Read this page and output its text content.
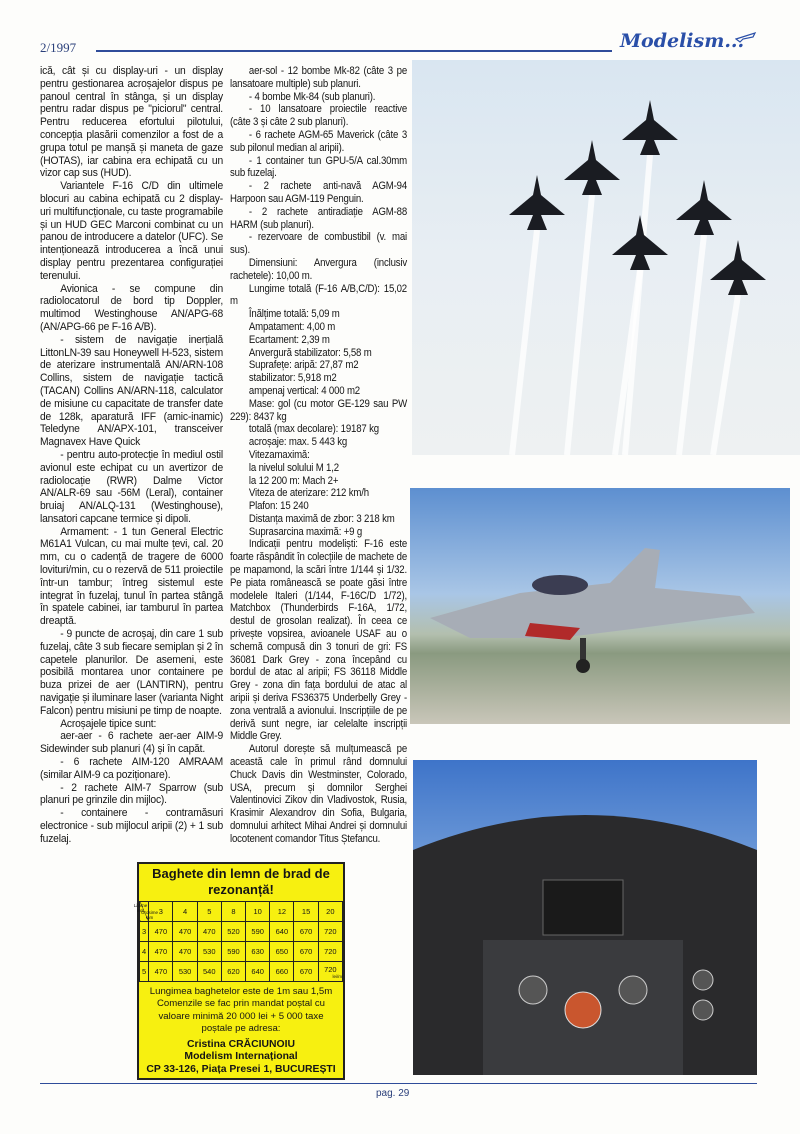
2/1997	Modelism...

ică, cât și cu display-uri - un display pentru gestionarea acroșajelor dispus pe panoul central în stânga, și un display pentru radar dispus pe "piciorul" central. Pentru reducerea efortului pilotului, concepția plasării comenzilor a fost de a grupa totul pe manșă și maneta de gaze (HOTAS), iar cabina era echipată cu un vizor cap sus (HUD).

Variantele F-16 C/D din ultimele blocuri au cabina echipată cu 2 display-uri multifuncționale, cu taste programabile și un HUD GEC Marconi combinat cu un panou de introducere a datelor (UFC). Se intenționează introducerea a încă unui display pentru prezentarea configurației terenului.

Avionica - se compune din radiolocatorul de bord tip Doppler, multimod Westinghouse AN/APG-68 (AN/APG-66 pe F-16 A/B).

- sistem de navigație inerțială LittonLN-39 sau Honeywell H-523, sistem de aterizare instrumentală AN/ARN-108 Collins, sistem de navigație tactică (TACAN) Collins AN/ARN-118, calculator de misiune cu capacitate de transfer date de 128k, aparatură IFF (amic-inamic) Teledyne AN/APX-101, transceiver Magnavex Have Quick

- pentru auto-protecție în mediul ostil avionul este echipat cu un avertizor de radiolocație (RWR) Dalme Victor AN/ALR-69 sau -56M (Leral), container bruiaj AN/ALQ-131 (Westinghouse), lansatori capcane termice și dipoli.

Armament: - 1 tun General Electric M61A1 Vulcan, cu mai multe țevi, cal. 20 mm, cu o cadență de tragere de 6000 lovituri/min, cu o rezervă de 511 proiectile într-un tambur; întreg sistemul este integrat în fuzelaj, tunul în partea stângă în spatele cabinei, iar tamburul în partea dreaptă.

- 9 puncte de acroșaj, din care 1 sub fuzelaj, câte 3 sub fiecare semiplan și 2 în capetele planurilor. De asemeni, este posibilă montarea unor containere pe buza prizei de aer (LANTIRN), pentru navigație și iluminare laser (varianta Night Falcon) pentru misiuni pe timp de noapte.

Acroșajele tipice sunt:

aer-aer - 6 rachete aer-aer AIM-9 Sidewinder sub planuri (4) și în capăt.

- 6 rachete AIM-120 AMRAAM (similar AIM-9 ca poziționare).

- 2 rachete AIM-7 Sparrow (sub planuri pe grinzile din mijloc).

- containere - contramăsuri electronice - sub mijlocul aripii (2) + 1 sub fuzelaj.

aer-sol - 12 bombe Mk-82 (câte 3 pe lansatoare multiple) sub planuri.

- 4 bombe Mk-84 (sub planuri).

- 10 lansatoare proiectile reactive (câte 3 și câte 2 sub planuri).

- 6 rachete AGM-65 Maverick (câte 3 sub pilonul median al aripii).

- 1 container tun GPU-5/A cal.30mm sub fuzelaj.

- 2 rachete anti-navă AGM-94 Harpoon sau AGM-119 Penguin.

- 2 rachete antiradiație AGM-88 HARM (sub planuri).

- rezervoare de combustibil (v. mai sus).

Dimensiuni: Anvergura (inclusiv rachetele): 10,00 m.

Lungime totală (F-16 A/B,C/D): 15,02 m

Înălțime totală: 5,09 m

Ampatament: 4,00 m

Ecartament: 2,39 m

Anvergură stabilizator: 5,58 m

Suprafețe: aripă: 27,87 m2

stabilizator: 5,918 m2

ampenaj vertical: 4 000 m2

Mase: gol (cu motor GE-129 sau PW 229): 8437 kg

totală (max decolare): 19187 kg

acroșaje: max. 5 443 kg

Vitezamaximă:

la nivelul solului M 1,2

la 12 200 m: Mach 2+

Viteza de aterizare: 212 km/h

Plafon: 15 240

Distanța maximă de zbor: 3 218 km

Suprasarcina maximă: +9 g

Indicații pentru modeliști: F-16 este foarte răspândit în colecțiile de machete de pe mapamond, la scări între 1/144 și 1/32. Pe piata românească se poate găsi între modelele Italeri (1/144, F-16C/D 1/72), Matchbox (Thunderbirds F-16A, 1/72, destul de grosolan realizat). În ceea ce privește vopsirea, avioanele USAF au o schemă compusă din 3 tonuri de gri: FS 36081 Dark Grey - zona începând cu bordul de atac al aripii; FS 36118 Middle Grey - zona din fața bordului de atac al aripii și deriva FS36375 Underbelly Grey - zona ventrală a avionului. Inscripțiile de pe derivă sunt negre, iar celelalte inscripții Middle Grey.

Autorul dorește să mulțumească pe această cale în primul rând domnului Chuck Davis din Westminster, Colorado, USA, precum și domnilor Serghei Valentinovici Zikov din Vladivostok, Rusia, Krasimir Alexandrov din Sofia, Bulgaria, domnului arhitect Mihai Andrei și domnului locotenent comandor Titus Ștefancu.

Baghete din lemn de brad de rezonanță!
Lățime mm
Grosime mm	3	4	5	8	10	12	15	20
3	470	470	470	520	590	640	670	720
4	470	470	530	590	630	650	670	720
5	470	530	540	620	640	660	670	720
lei/m
Lungimea baghetelor este de 1m sau 1,5m
Comenzile se fac prin mandat poștal cu
valoare minimă 20 000 lei + 5 000 taxe
poștale pe adresa:
Cristina CRĂCIUNOIU
Modelism Internațional
CP 33-126, Piața Presei 1, BUCUREȘTI
pag. 29
